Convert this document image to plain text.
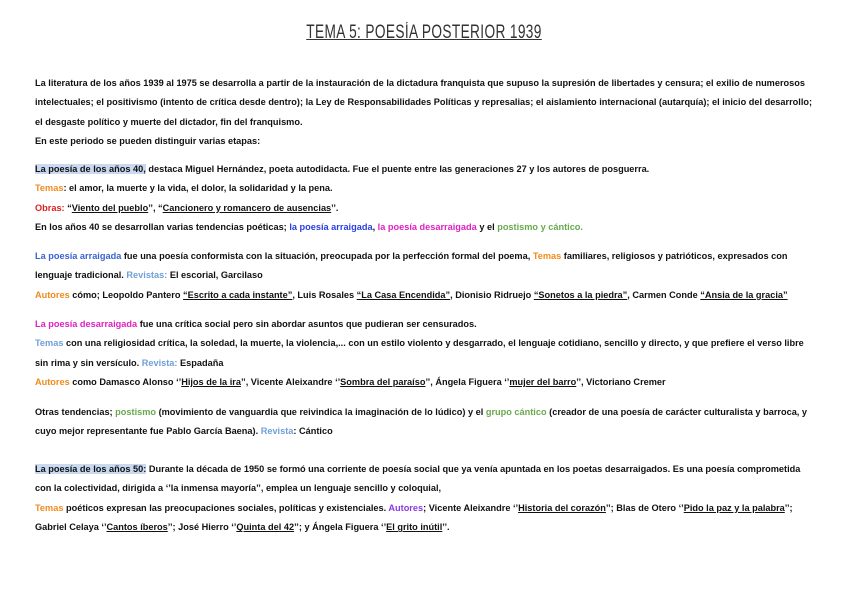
TEMA 5: POESÍA POSTERIOR 1939

La literatura de los años 1939 al 1975 se desarrolla a partir de la instauración de la dictadura franquista que supuso la supresión de libertades y censura; el exilio de numerosos intelectuales; el positivismo (intento de crítica desde dentro); la Ley de Responsabilidades Políticas y represalias; el aislamiento internacional (autarquía); el inicio del desarrollo; el desgaste político y muerte del dictador, fin del franquismo.

En este periodo se pueden distinguir varias etapas:

La poesía de los años 40, destaca Miguel Hernández, poeta autodidacta. Fue el puente entre las generaciones 27 y los autores de posguerra.

Temas: el amor, la muerte y la vida, el dolor, la solidaridad y la pena.

Obras: “Viento del pueblo’’, “Cancionero y romancero de ausencias’’.

En los años 40 se desarrollan varias tendencias poéticas; la poesía arraigada, la poesía desarraigada y el postismo y cántico.

La poesía arraigada fue una poesía conformista con la situación, preocupada por la perfección formal del poema, Temas familiares, religiosos y patrióticos, expresados con lenguaje tradicional. Revistas: El escorial, Garcilaso

Autores cómo; Leopoldo Pantero “Escrito a cada instante”, Luis Rosales “La Casa Encendida”, Dionisio Ridruejo “Sonetos a la piedra”, Carmen Conde “Ansia de la gracia”

La poesía desarraigada fue una crítica social pero sin abordar asuntos que pudieran ser censurados.

Temas con una religiosidad crítica, la soledad, la muerte, la violencia,... con un estilo violento y desgarrado, el lenguaje cotidiano, sencillo y directo, y que prefiere el verso libre sin rima y sin versículo. Revista: Espadaña

Autores como Damasco Alonso ‘’Hijos de la ira’’, Vicente Aleixandre ‘’Sombra del paraíso’’, Ángela Figuera ‘’mujer del barro’’, Victoriano Cremer

Otras tendencias; postismo (movimiento de vanguardia que reivindica la imaginación de lo lúdico) y el grupo cántico (creador de una poesía de carácter culturalista y barroca, y cuyo mejor representante fue Pablo García Baena). Revista: Cántico

La poesía de los años 50: Durante la década de 1950 se formó una corriente de poesía social que ya venía apuntada en los poetas desarraigados. Es una poesía comprometida con la colectividad, dirigida a ‘’la inmensa mayoría’’, emplea un lenguaje sencillo y coloquial,

Temas poéticos expresan las preocupaciones sociales, políticas y existenciales. Autores; Vicente Aleixandre ‘’Historia del corazón’’; Blas de Otero ‘’Pido la paz y la palabra’’; Gabriel Celaya ‘’Cantos íberos’’; José Hierro ‘’Quinta del 42’’; y Ángela Figuera ‘’El grito inútil’’.
